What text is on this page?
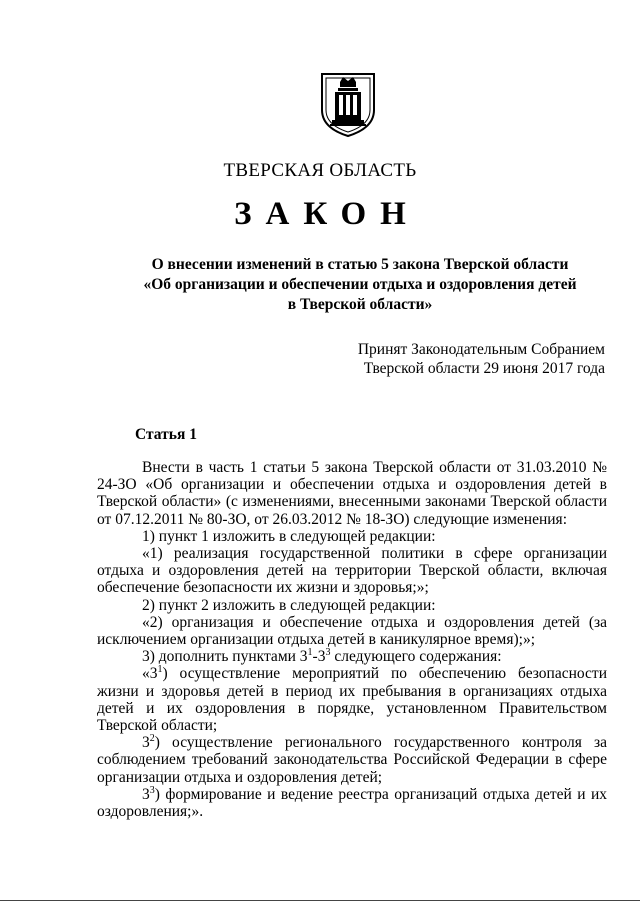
ТВЕРСКАЯ ОБЛАСТЬ
ЗАКОН
О внесении изменений в статью 5 закона Тверской области
«Об организации и обеспечении отдыха и оздоровления детей
в Тверской области»
Принят Законодательным Собранием
Тверской области 29 июня 2017 года
Статья 1

Внести в часть 1 статьи 5 закона Тверской области от 31.03.2010 № 24-ЗО «Об организации и обеспечении отдыха и оздоровления детей в Тверской области» (с изменениями, внесенными законами Тверской области от 07.12.2011 № 80-ЗО, от 26.03.2012 № 18-ЗО) следующие изменения:

1) пункт 1 изложить в следующей редакции:

«1) реализация государственной политики в сфере организации отдыха и оздоровления детей на территории Тверской области, включая обеспечение безопасности их жизни и здоровья;»;

2) пункт 2 изложить в следующей редакции:

«2) организация и обеспечение отдыха и оздоровления детей (за исключением организации отдыха детей в каникулярное время);»;

3) дополнить пунктами $3^1-3^3$ следующего содержания:

«$3^1$) осуществление мероприятий по обеспечению безопасности жизни и здоровья детей в период их пребывания в организациях отдыха детей и их оздоровления в порядке, установленном Правительством Тверской области;

$3^2$) осуществление регионального государственного контроля за соблюдением требований законодательства Российской Федерации в сфере организации отдыха и оздоровления детей;

$3^3$) формирование и ведение реестра организаций отдыха детей и их оздоровления;».
